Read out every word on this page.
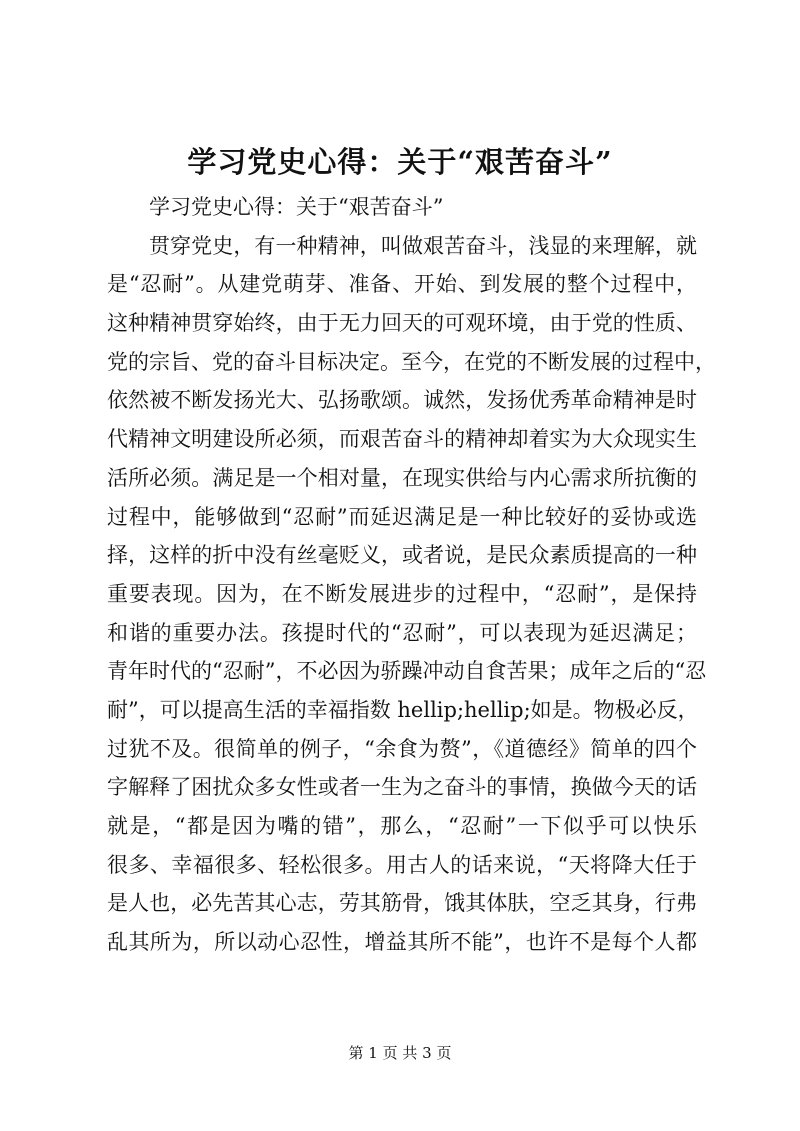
学习党史心得：关于“艰苦奋斗”
学习党史心得：关于“艰苦奋斗”
贯穿党史，有一种精神，叫做艰苦奋斗，浅显的来理解，就
是“忍耐”。从建党萌芽、准备、开始、到发展的整个过程中，
这种精神贯穿始终，由于无力回天的可观环境，由于党的性质、
党的宗旨、党的奋斗目标决定。至今，在党的不断发展的过程中，
依然被不断发扬光大、弘扬歌颂。诚然，发扬优秀革命精神是时
代精神文明建设所必须，而艰苦奋斗的精神却着实为大众现实生
活所必须。满足是一个相对量，在现实供给与内心需求所抗衡的
过程中，能够做到“忍耐”而延迟满足是一种比较好的妥协或选
择，这样的折中没有丝毫贬义，或者说，是民众素质提高的一种
重要表现。因为，在不断发展进步的过程中，“忍耐”，是保持
和谐的重要办法。孩提时代的“忍耐”，可以表现为延迟满足；
青年时代的“忍耐”，不必因为骄躁冲动自食苦果；成年之后的“忍
耐”，可以提高生活的幸福指数 hellip;hellip;如是。物极必反，
过犹不及。很简单的例子，“余食为赘”，《道德经》简单的四个
字解释了困扰众多女性或者一生为之奋斗的事情，换做今天的话
就是，“都是因为嘴的错”，那么，“忍耐”一下似乎可以快乐
很多、幸福很多、轻松很多。用古人的话来说，“天将降大任于
是人也，必先苦其心志，劳其筋骨，饿其体肤，空乏其身，行弗
乱其所为，所以动心忍性，增益其所不能”，也许不是每个人都
第 1 页 共 3 页
